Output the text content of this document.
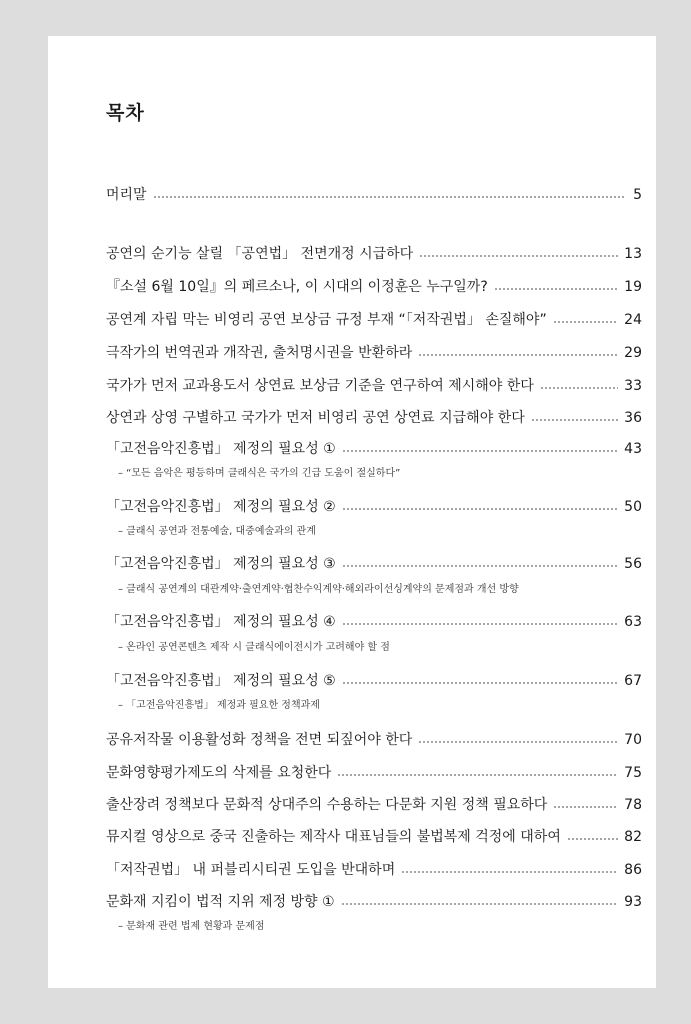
목차
머리말	5
공연의 순기능 살릴 「공연법」 전면개정 시급하다	13
『소설 6월 10일』의 페르소나, 이 시대의 이정훈은 누구일까?	19
공연계 자립 막는 비영리 공연 보상금 규정 부재 “「저작권법」 손질해야”	24
극작가의 번역권과 개작권, 출처명시권을 반환하라	29
국가가 먼저 교과용도서 상연료 보상금 기준을 연구하여 제시해야 한다	33
상연과 상영 구별하고 국가가 먼저 비영리 공연 상연료 지급해야 한다	36
「고전음악진흥법」 제정의 필요성 ①	43
– “모든 음악은 평등하며 클래식은 국가의 긴급 도움이 절실하다”
「고전음악진흥법」 제정의 필요성 ②	50
– 클래식 공연과 전통예술, 대중예술과의 관계
「고전음악진흥법」 제정의 필요성 ③	56
– 클래식 공연계의 대관계약·출연계약·협찬수익계약·해외라이선싱계약의 문제점과 개선 방향
「고전음악진흥법」 제정의 필요성 ④	63
– 온라인 공연콘텐츠 제작 시 클래식에이전시가 고려해야 할 점
「고전음악진흥법」 제정의 필요성 ⑤	67
– 「고전음악진흥법」 제정과 필요한 정책과제
공유저작물 이용활성화 정책을 전면 되짚어야 한다	70
문화영향평가제도의 삭제를 요청한다	75
출산장려 정책보다 문화적 상대주의 수용하는 다문화 지원 정책 필요하다	78
뮤지컬 영상으로 중국 진출하는 제작사 대표님들의 불법복제 걱정에 대하여	82
「저작권법」 내 퍼블리시티권 도입을 반대하며	86
문화재 지킴이 법적 지위 제정 방향 ①	93
– 문화재 관련 법제 현황과 문제점
